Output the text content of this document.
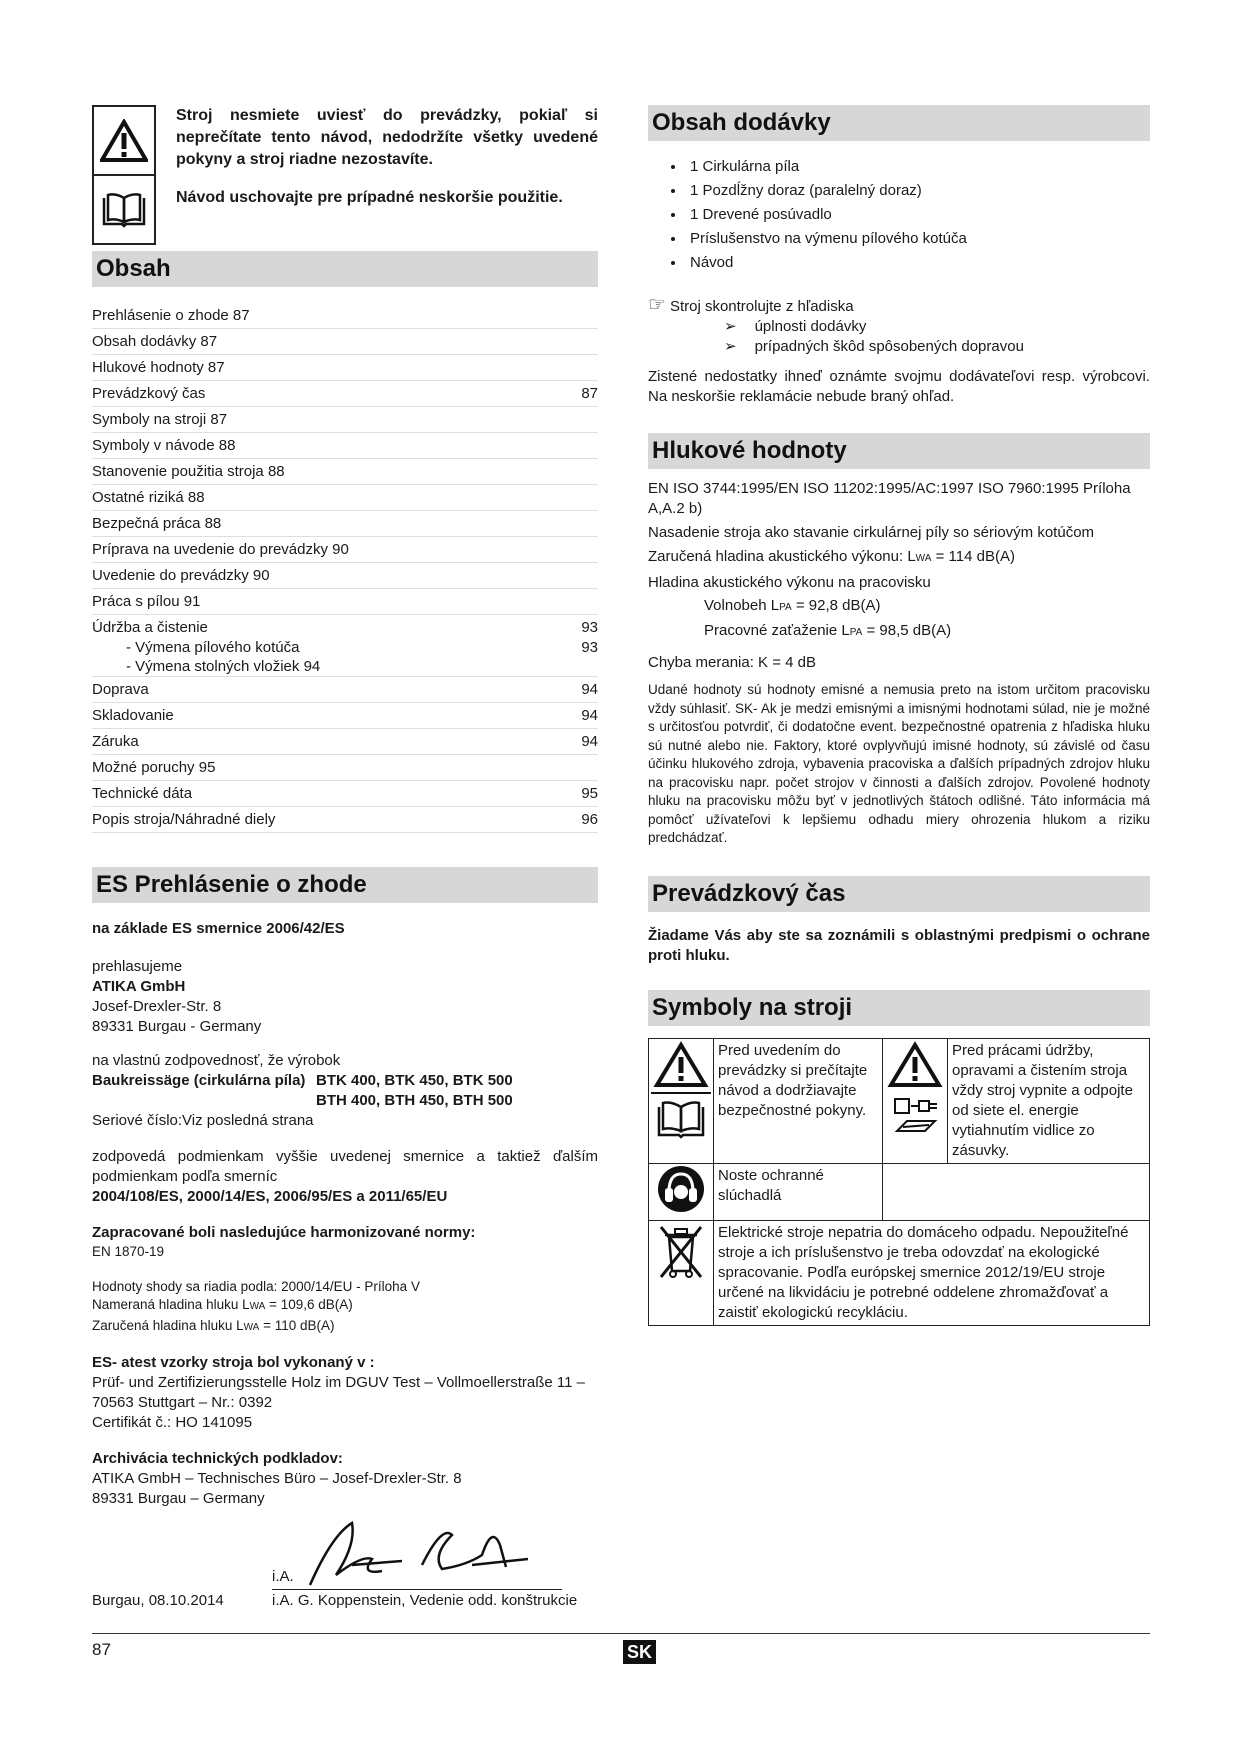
Stroj nesmiete uviesť do prevádzky, pokiaľ si neprečítate tento návod, nedodržíte všetky uvedené pokyny a stroj riadne nezostavíte.

Návod uschovajte pre prípadné neskoršie použitie.

Obsah
Prehlásenie o zhode 87
Obsah dodávky 87
Hlukové hodnoty 87
Prevádzkový čas	87
Symboly na stroji 87
Symboly v návode 88
Stanovenie použitia stroja 88
Ostatné riziká 88
Bezpečná práca 88
Príprava na uvedenie do prevádzky 90
Uvedenie do prevádzky 90
Práca s pílou 91
Údržba a čistenie	93
- Výmena pílového kotúča	93
- Výmena stolných vložiek 94
Doprava	94
Skladovanie	94
Záruka	94
Možné poruchy 95
Technické dáta	95
Popis stroja/Náhradné diely	96
ES Prehlásenie o zhode

na základe ES smernice 2006/42/ES

prehlasujeme

ATIKA GmbH

Josef-Drexler-Str. 8

89331 Burgau - Germany

na vlastnú zodpovednosť, že výrobok

Baukreissäge (cirkulárna píla) BTK 400, BTK 450, BTK 500

BTH 400, BTH 450, BTH 500

Seriové číslo:Viz posledná strana

zodpovedá podmienkam vyššie uvedenej smernice a taktiež ďalším podmienkam podľa smerníc

2004/108/ES, 2000/14/ES, 2006/95/ES a 2011/65/EU

Zapracované boli nasledujúce harmonizované normy:

EN 1870-19

Hodnoty shody sa riadia podla: 2000/14/EU - Príloha V

Nameraná hladina hluku LWA = 109,6 dB(A)

Zaručená hladina hluku LWA = 110 dB(A)

ES- atest vzorky stroja bol vykonaný v :

Prüf- und Zertifizierungsstelle Holz im DGUV Test – Vollmoellerstraße 11 – 70563 Stuttgart – Nr.: 0392

Certifikát č.: HO 141095

Archivácia technických podkladov:

ATIKA GmbH – Technisches Büro – Josef-Drexler-Str. 8

89331 Burgau – Germany

i.A.

Burgau, 08.10.2014	i.A. G. Koppenstein, Vedenie odd. konštrukcie

Obsah dodávky
• 1 Cirkulárna píla
• 1 Pozdĺžny doraz (paralelný doraz)
• 1 Drevené posúvadlo
• Príslušenstvo na výmenu pílového kotúča
• Návod

☞ Stroj skontrolujte z hľadiska

➢ úplnosti dodávky

➢ prípadných škôd spôsobených dopravou

Zistené nedostatky ihneď oznámte svojmu dodávateľovi resp. výrobcovi. Na neskoršie reklamácie nebude braný ohľad.

Hlukové hodnoty

EN ISO 3744:1995/EN ISO 11202:1995/AC:1997 ISO 7960:1995 Príloha A,A.2 b)

Nasadenie stroja ako stavanie cirkulárnej píly so sériovým kotúčom

Zaručená hladina akustického výkonu: LWA = 114 dB(A)

Hladina akustického výkonu na pracovisku

Volnobeh LPA = 92,8 dB(A)

Pracovné zaťaženie LPA = 98,5 dB(A)

Chyba merania: K = 4 dB

Udané hodnoty sú hodnoty emisné a nemusia preto na istom určitom pracovisku vždy súhlasiť. SK- Ak je medzi emisnými a imisnými hodnotami súlad, nie je možné s určitosťou potvrdiť, či dodatočne event. bezpečnostné opatrenia z hľadiska hluku sú nutné alebo nie. Faktory, ktoré ovplyvňujú imisné hodnoty, sú závislé od času účinku hlukového zdroja, vybavenia pracoviska a ďalších prípadných zdrojov hluku na pracovisku napr. počet strojov v činnosti a ďalších zdrojov. Povolené hodnoty hluku na pracovisku môžu byť v jednotlivých štátoch odlišné. Táto informácia má pomôcť užívateľovi k lepšiemu odhadu miery ohrozenia hlukom a riziku predchádzať.

Prevádzkový čas

Žiadame Vás aby ste sa zoznámili s oblastnými predpismi o ochrane proti hluku.

Symboly na stroji
	Pred uvedením do prevádzky si prečítajte návod a dodržiavajte bezpečnostné pokyny.		Pred prácami údržby, opravami a čistením stroja vždy stroj vypnite a odpojte od siete el. energie vytiahnutím vidlice zo zásuvky.
	Noste ochranné slúchadlá		
	Elektrické stroje nepatria do domáceho odpadu. Nepoužiteľné stroje a ich príslušenstvo je treba odovzdať na ekologické spracovanie. Podľa európskej smernice 2012/19/EU stroje určené na likvidáciu je potrebné oddelene zhromažďovať a zaistiť ekologickú recykláciu.		
87	SK
